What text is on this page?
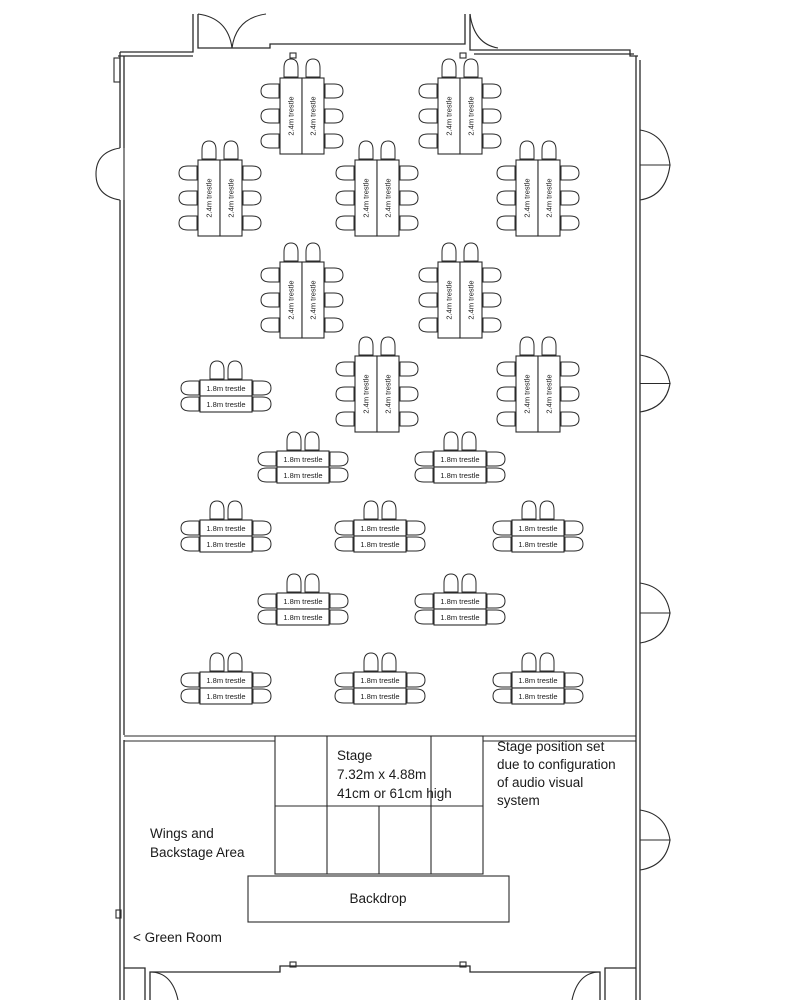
2.4m trestle 2.4m trestle	2.4m trestle 2.4m trestle
2.4m trestle 2.4m trestle	2.4m trestle 2.4m trestle	2.4m trestle 2.4m trestle
2.4m trestle 2.4m trestle	2.4m trestle 2.4m trestle
2.4m trestle 2.4m trestle	2.4m trestle 2.4m trestle
1.8m trestle
1.8m trestle
1.8m trestle
1.8m trestle
1.8m trestle
1.8m trestle
1.8m trestle
1.8m trestle
1.8m trestle
1.8m trestle
1.8m trestle
1.8m trestle
1.8m trestle
1.8m trestle
1.8m trestle
1.8m trestle
1.8m trestle
1.8m trestle
1.8m trestle
1.8m trestle
1.8m trestle
1.8m trestle
Stage
7.32m x 4.88m
41cm or 61cm high
Backdrop
Stage position set
due to configuration
of audio visual
system
Wings and
Backstage Area
< Green Room
